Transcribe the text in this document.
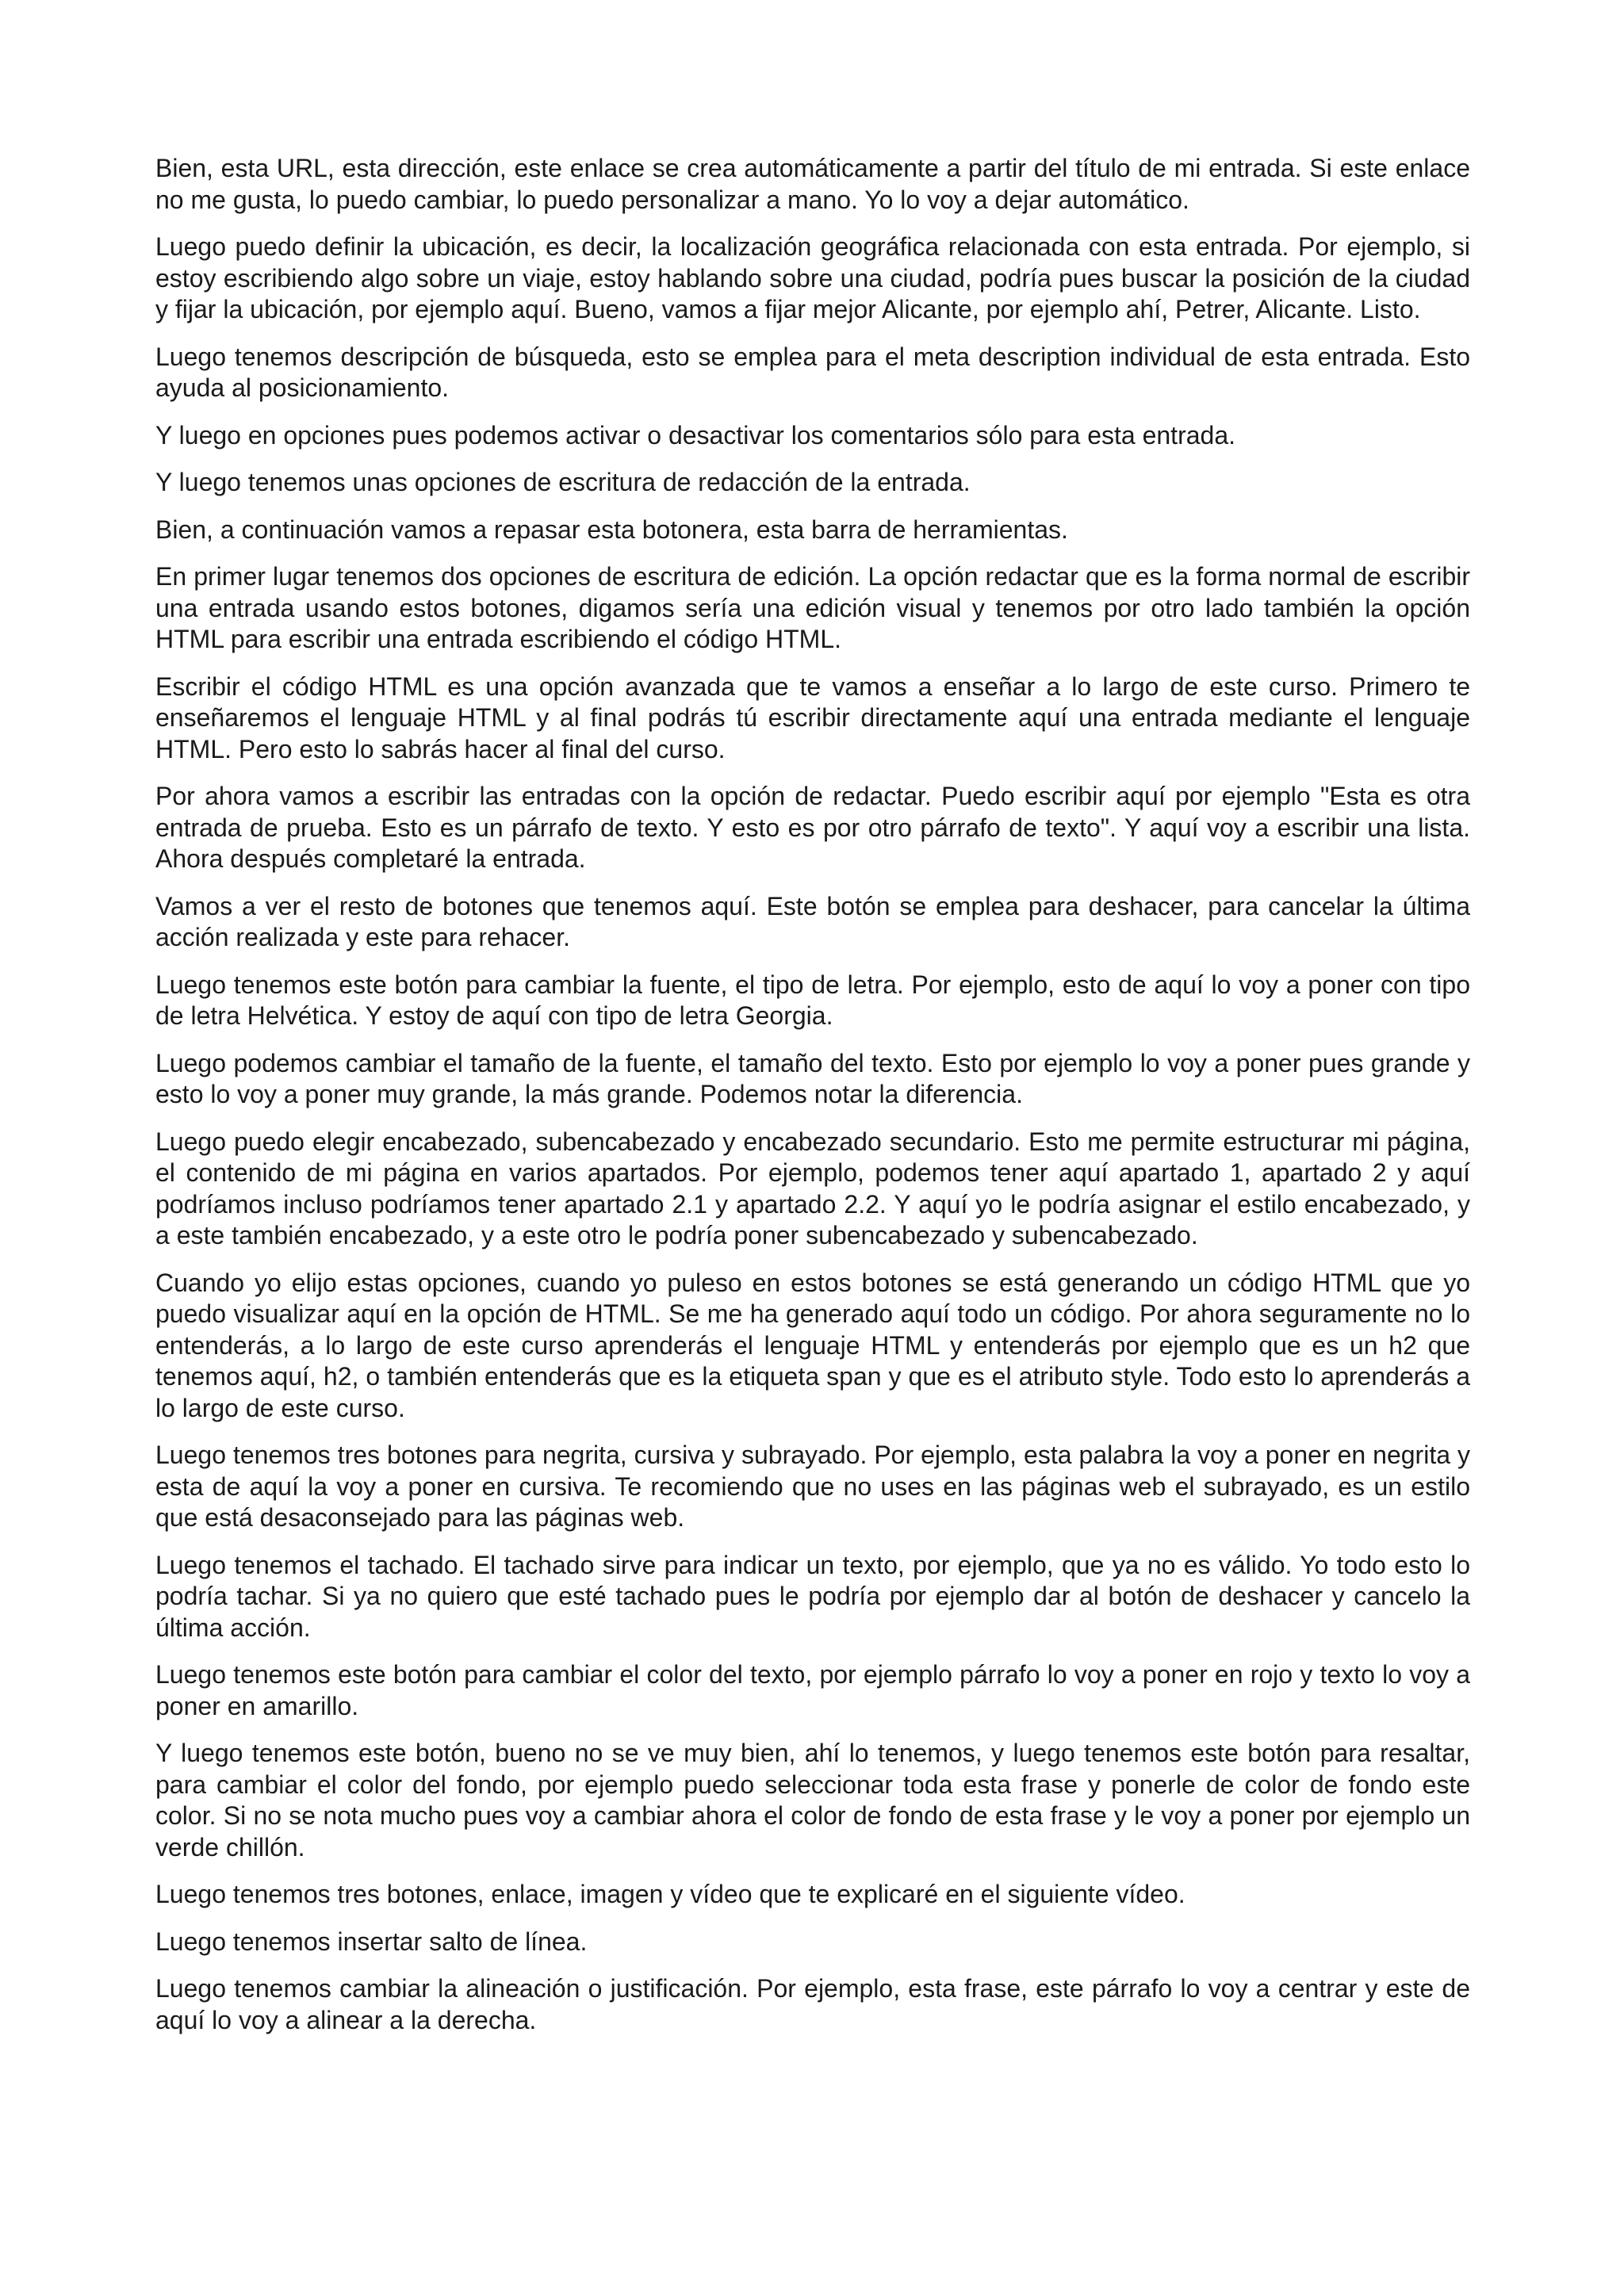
Bien, esta URL, esta dirección, este enlace se crea automáticamente a partir del título de mi entrada. Si este enlace no me gusta, lo puedo cambiar, lo puedo personalizar a mano. Yo lo voy a dejar automático.

Luego puedo definir la ubicación, es decir, la localización geográfica relacionada con esta entrada. Por ejemplo, si estoy escribiendo algo sobre un viaje, estoy hablando sobre una ciudad, podría pues buscar la posición de la ciudad y fijar la ubicación, por ejemplo aquí. Bueno, vamos a fijar mejor Alicante, por ejemplo ahí, Petrer, Alicante. Listo.

Luego tenemos descripción de búsqueda, esto se emplea para el meta description individual de esta entrada. Esto ayuda al posicionamiento.

Y luego en opciones pues podemos activar o desactivar los comentarios sólo para esta entrada.

Y luego tenemos unas opciones de escritura de redacción de la entrada.

Bien, a continuación vamos a repasar esta botonera, esta barra de herramientas.

En primer lugar tenemos dos opciones de escritura de edición. La opción redactar que es la forma normal de escribir una entrada usando estos botones, digamos sería una edición visual y tenemos por otro lado también la opción HTML para escribir una entrada escribiendo el código HTML.

Escribir el código HTML es una opción avanzada que te vamos a enseñar a lo largo de este curso. Primero te enseñaremos el lenguaje HTML y al final podrás tú escribir directamente aquí una entrada mediante el lenguaje HTML. Pero esto lo sabrás hacer al final del curso.

Por ahora vamos a escribir las entradas con la opción de redactar. Puedo escribir aquí por ejemplo "Esta es otra entrada de prueba. Esto es un párrafo de texto. Y esto es por otro párrafo de texto". Y aquí voy a escribir una lista. Ahora después completaré la entrada.

Vamos a ver el resto de botones que tenemos aquí. Este botón se emplea para deshacer, para cancelar la última acción realizada y este para rehacer.

Luego tenemos este botón para cambiar la fuente, el tipo de letra. Por ejemplo, esto de aquí lo voy a poner con tipo de letra Helvética. Y estoy de aquí con tipo de letra Georgia.

Luego podemos cambiar el tamaño de la fuente, el tamaño del texto. Esto por ejemplo lo voy a poner pues grande y esto lo voy a poner muy grande, la más grande. Podemos notar la diferencia.

Luego puedo elegir encabezado, subencabezado y encabezado secundario. Esto me permite estructurar mi página, el contenido de mi página en varios apartados. Por ejemplo, podemos tener aquí apartado 1, apartado 2 y aquí podríamos incluso podríamos tener apartado 2.1 y apartado 2.2. Y aquí yo le podría asignar el estilo encabezado, y a este también encabezado, y a este otro le podría poner subencabezado y subencabezado.

Cuando yo elijo estas opciones, cuando yo puleso en estos botones se está generando un código HTML que yo puedo visualizar aquí en la opción de HTML. Se me ha generado aquí todo un código. Por ahora seguramente no lo entenderás, a lo largo de este curso aprenderás el lenguaje HTML y entenderás por ejemplo que es un h2 que tenemos aquí, h2, o también entenderás que es la etiqueta span y que es el atributo style. Todo esto lo aprenderás a lo largo de este curso.

Luego tenemos tres botones para negrita, cursiva y subrayado. Por ejemplo, esta palabra la voy a poner en negrita y esta de aquí la voy a poner en cursiva. Te recomiendo que no uses en las páginas web el subrayado, es un estilo que está desaconsejado para las páginas web.

Luego tenemos el tachado. El tachado sirve para indicar un texto, por ejemplo, que ya no es válido. Yo todo esto lo podría tachar. Si ya no quiero que esté tachado pues le podría por ejemplo dar al botón de deshacer y cancelo la última acción.

Luego tenemos este botón para cambiar el color del texto, por ejemplo párrafo lo voy a poner en rojo y texto lo voy a poner en amarillo.

Y luego tenemos este botón, bueno no se ve muy bien, ahí lo tenemos, y luego tenemos este botón para resaltar, para cambiar el color del fondo, por ejemplo puedo seleccionar toda esta frase y ponerle de color de fondo este color. Si no se nota mucho pues voy a cambiar ahora el color de fondo de esta frase y le voy a poner por ejemplo un verde chillón.

Luego tenemos tres botones, enlace, imagen y vídeo que te explicaré en el siguiente vídeo.

Luego tenemos insertar salto de línea.

Luego tenemos cambiar la alineación o justificación. Por ejemplo, esta frase, este párrafo lo voy a centrar y este de aquí lo voy a alinear a la derecha.
